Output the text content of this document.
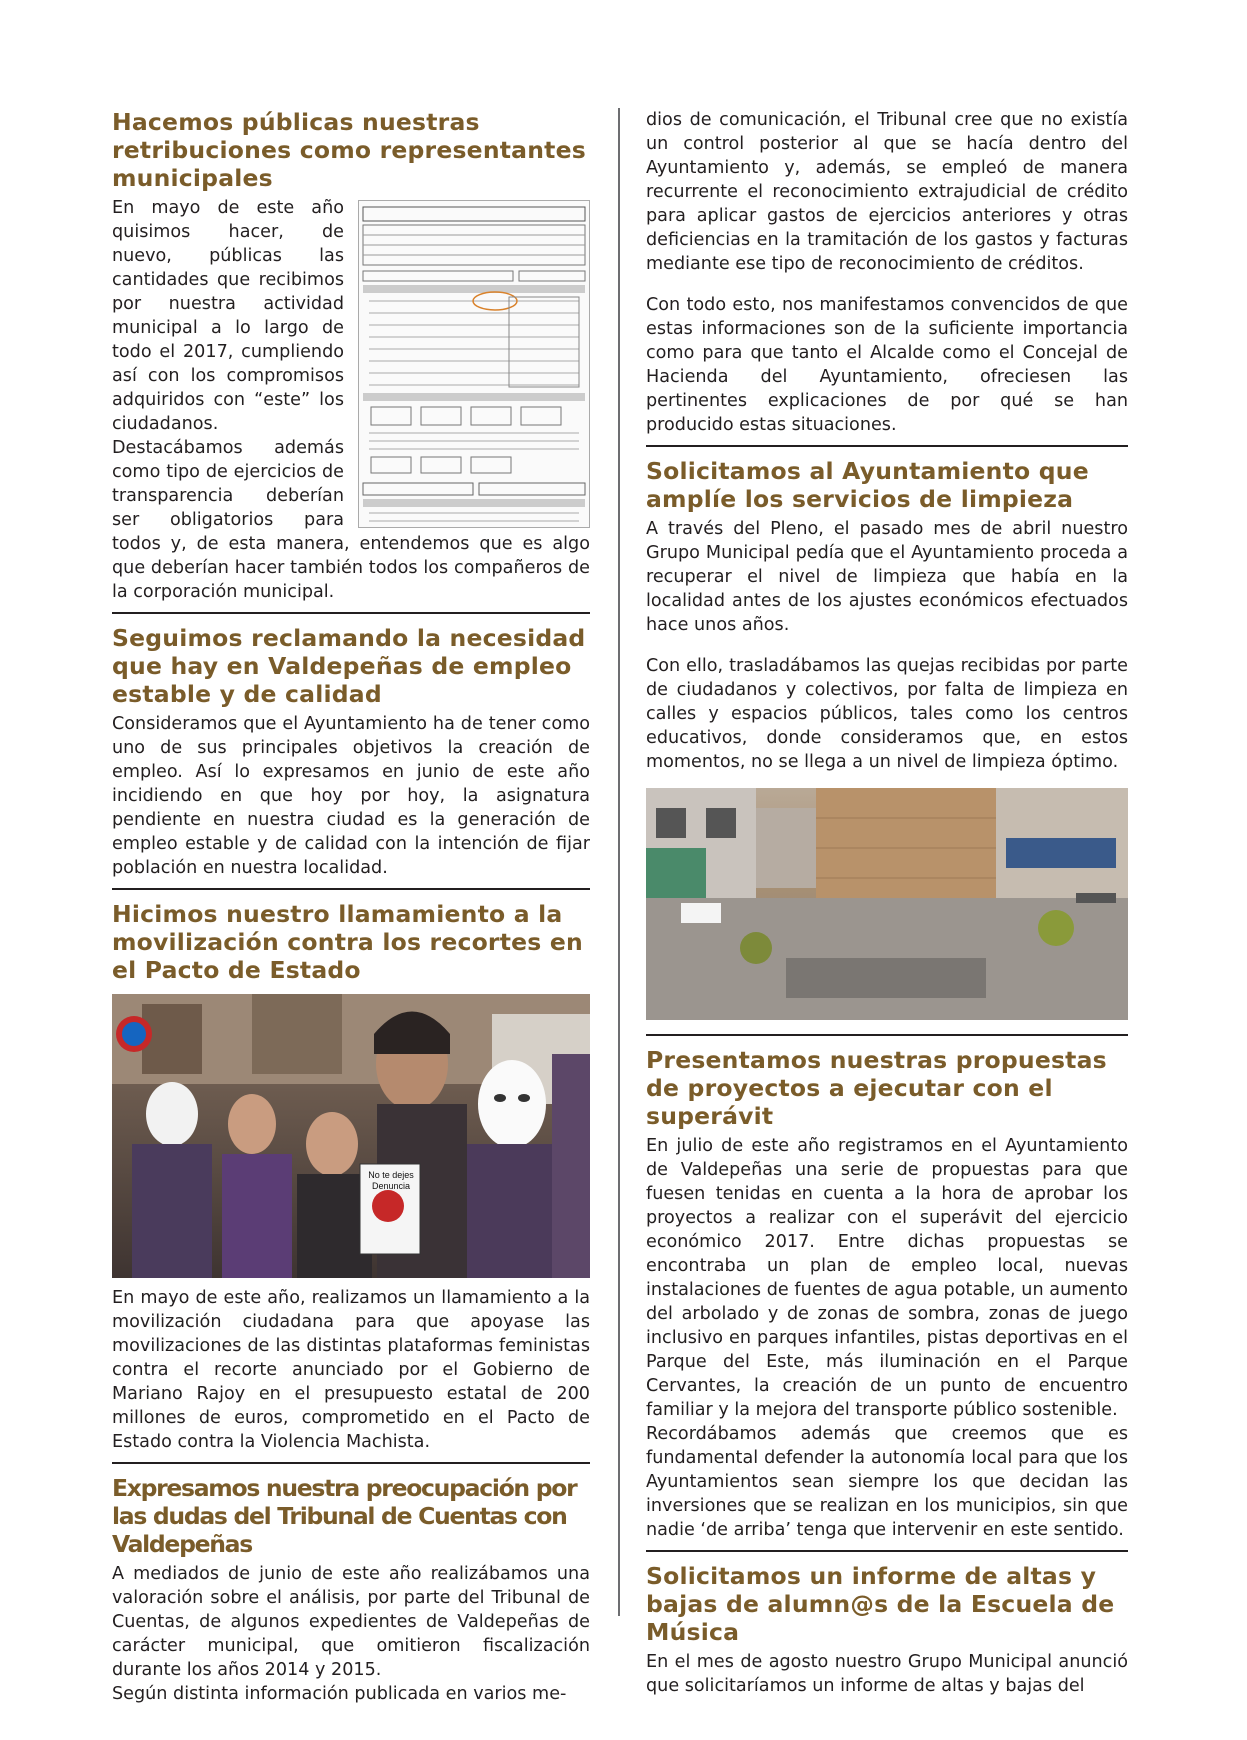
Hacemos públicas nuestras retribuciones como representantes municipales

En mayo de este año quisimos hacer, de nuevo, públicas las cantidades que recibimos por nuestra actividad municipal a lo largo de todo el 2017, cumpliendo así con los compromisos adquiridos con “este” los ciudadanos. Destacábamos además como tipo de ejercicios de transparencia deberían ser obligatorios para todos y, de esta manera, entendemos que es algo que deberían hacer también todos los compañeros de la corporación municipal.

Seguimos reclamando la necesidad que hay en Valdepeñas de empleo estable y de calidad

Consideramos que el Ayuntamiento ha de tener como uno de sus principales objetivos la creación de empleo. Así lo expresamos en junio de este año incidiendo en que hoy por hoy, la asignatura pendiente en nuestra ciudad es la generación de empleo estable y de calidad con la intención de fijar población en nuestra localidad.

Hicimos nuestro llamamiento a la movilización contra los recortes en el Pacto de Estado
No te dejes Denuncia

En mayo de este año, realizamos un llamamiento a la movilización ciudadana para que apoyase las movilizaciones de las distintas plataformas feministas contra el recorte anunciado por el Gobierno de Mariano Rajoy en el presupuesto estatal de 200 millones de euros, comprometido en el Pacto de Estado contra la Violencia Machista.

Expresamos nuestra preocupación por las dudas del Tribunal de Cuentas con Valdepeñas

A mediados de junio de este año realizábamos una valoración sobre el análisis, por parte del Tribunal de Cuentas, de algunos expedientes de Valdepeñas de carácter municipal, que omitieron fiscalización durante los años 2014 y 2015.

Según distinta información publicada en varios me-

dios de comunicación, el Tribunal cree que no existía un control posterior al que se hacía dentro del Ayuntamiento y, además, se empleó de manera recurrente el reconocimiento extrajudicial de crédito para aplicar gastos de ejercicios anteriores y otras deficiencias en la tramitación de los gastos y facturas mediante ese tipo de reconocimiento de créditos.

Con todo esto, nos manifestamos convencidos de que estas informaciones son de la suficiente importancia como para que tanto el Alcalde como el Concejal de Hacienda del Ayuntamiento, ofreciesen las pertinentes explicaciones de por qué se han producido estas situaciones.

Solicitamos al Ayuntamiento que amplíe los servicios de limpieza

A través del Pleno, el pasado mes de abril nuestro Grupo Municipal pedía que el Ayuntamiento proceda a recuperar el nivel de limpieza que había en la localidad antes de los ajustes económicos efectuados hace unos años.

Con ello, trasladábamos las quejas recibidas por parte de ciudadanos y colectivos, por falta de limpieza en calles y espacios públicos, tales como los centros educativos, donde consideramos que, en estos momentos, no se llega a un nivel de limpieza óptimo.

Presentamos nuestras propuestas de proyectos a ejecutar con el superávit

En julio de este año registramos en el Ayuntamiento de Valdepeñas una serie de propuestas para que fuesen tenidas en cuenta a la hora de aprobar los proyectos a realizar con el superávit del ejercicio económico 2017. Entre dichas propuestas se encontraba un plan de empleo local, nuevas instalaciones de fuentes de agua potable, un aumento del arbolado y de zonas de sombra, zonas de juego inclusivo en parques infantiles, pistas deportivas en el Parque del Este, más iluminación en el Parque Cervantes, la creación de un punto de encuentro familiar y la mejora del transporte público sostenible.

Recordábamos además que creemos que es fundamental defender la autonomía local para que los Ayuntamientos sean siempre los que decidan las inversiones que se realizan en los municipios, sin que nadie ‘de arriba’ tenga que intervenir en este sentido.

Solicitamos un informe de altas y bajas de alumn@s de la Escuela de Música

En el mes de agosto nuestro Grupo Municipal anunció que solicitaríamos un informe de altas y bajas del
